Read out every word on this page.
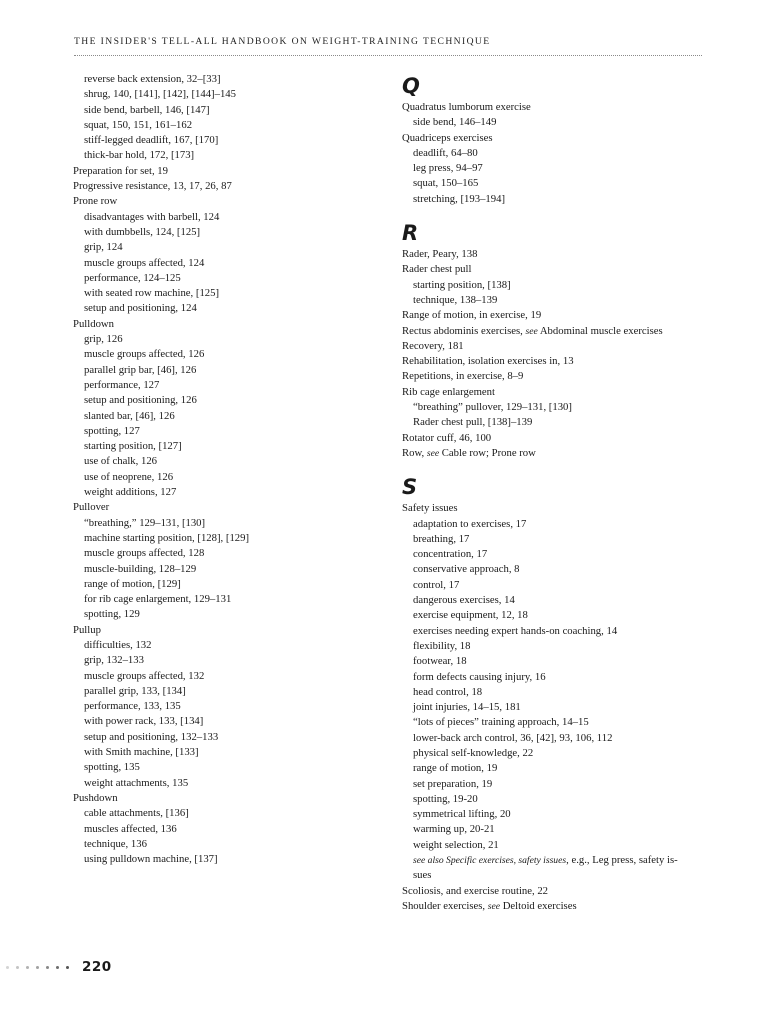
THE INSIDER'S TELL-ALL HANDBOOK ON WEIGHT-TRAINING TECHNIQUE
reverse back extension, 32–[33]
shrug, 140, [141], [142], [144]–145
side bend, barbell, 146, [147]
squat, 150, 151, 161–162
stiff-legged deadlift, 167, [170]
thick-bar hold, 172, [173]
Preparation for set, 19
Progressive resistance, 13, 17, 26, 87
Prone row
disadvantages with barbell, 124
with dumbbells, 124, [125]
grip, 124
muscle groups affected, 124
performance, 124–125
with seated row machine, [125]
setup and positioning, 124
Pulldown
grip, 126
muscle groups affected, 126
parallel grip bar, [46], 126
performance, 127
setup and positioning, 126
slanted bar, [46], 126
spotting, 127
starting position, [127]
use of chalk, 126
use of neoprene, 126
weight additions, 127
Pullover
“breathing,” 129–131, [130]
machine starting position, [128], [129]
muscle groups affected, 128
muscle-building, 128–129
range of motion, [129]
for rib cage enlargement, 129–131
spotting, 129
Pullup
difficulties, 132
grip, 132–133
muscle groups affected, 132
parallel grip, 133, [134]
performance, 133, 135
with power rack, 133, [134]
setup and positioning, 132–133
with Smith machine, [133]
spotting, 135
weight attachments, 135
Pushdown
cable attachments, [136]
muscles affected, 136
technique, 136
using pulldown machine, [137]
Q
Quadratus lumborum exercise
side bend, 146–149
Quadriceps exercises
deadlift, 64–80
leg press, 94–97
squat, 150–165
stretching, [193–194]
R
Rader, Peary, 138
Rader chest pull
starting position, [138]
technique, 138–139
Range of motion, in exercise, 19
Rectus abdominis exercises, see Abdominal muscle exercises
Recovery, 181
Rehabilitation, isolation exercises in, 13
Repetitions, in exercise, 8–9
Rib cage enlargement
“breathing” pullover, 129–131, [130]
Rader chest pull, [138]–139
Rotator cuff, 46, 100
Row, see Cable row; Prone row
S
Safety issues
adaptation to exercises, 17
breathing, 17
concentration, 17
conservative approach, 8
control, 17
dangerous exercises, 14
exercise equipment, 12, 18
exercises needing expert hands-on coaching, 14
flexibility, 18
footwear, 18
form defects causing injury, 16
head control, 18
joint injuries, 14–15, 181
“lots of pieces” training approach, 14–15
lower-back arch control, 36, [42], 93, 106, 112
physical self-knowledge, 22
range of motion, 19
set preparation, 19
spotting, 19-20
symmetrical lifting, 20
warming up, 20-21
weight selection, 21
see also Specific exercises, safety issues, e.g., Leg press, safety is-
sues
Scoliosis, and exercise routine, 22
Shoulder exercises, see Deltoid exercises
220
